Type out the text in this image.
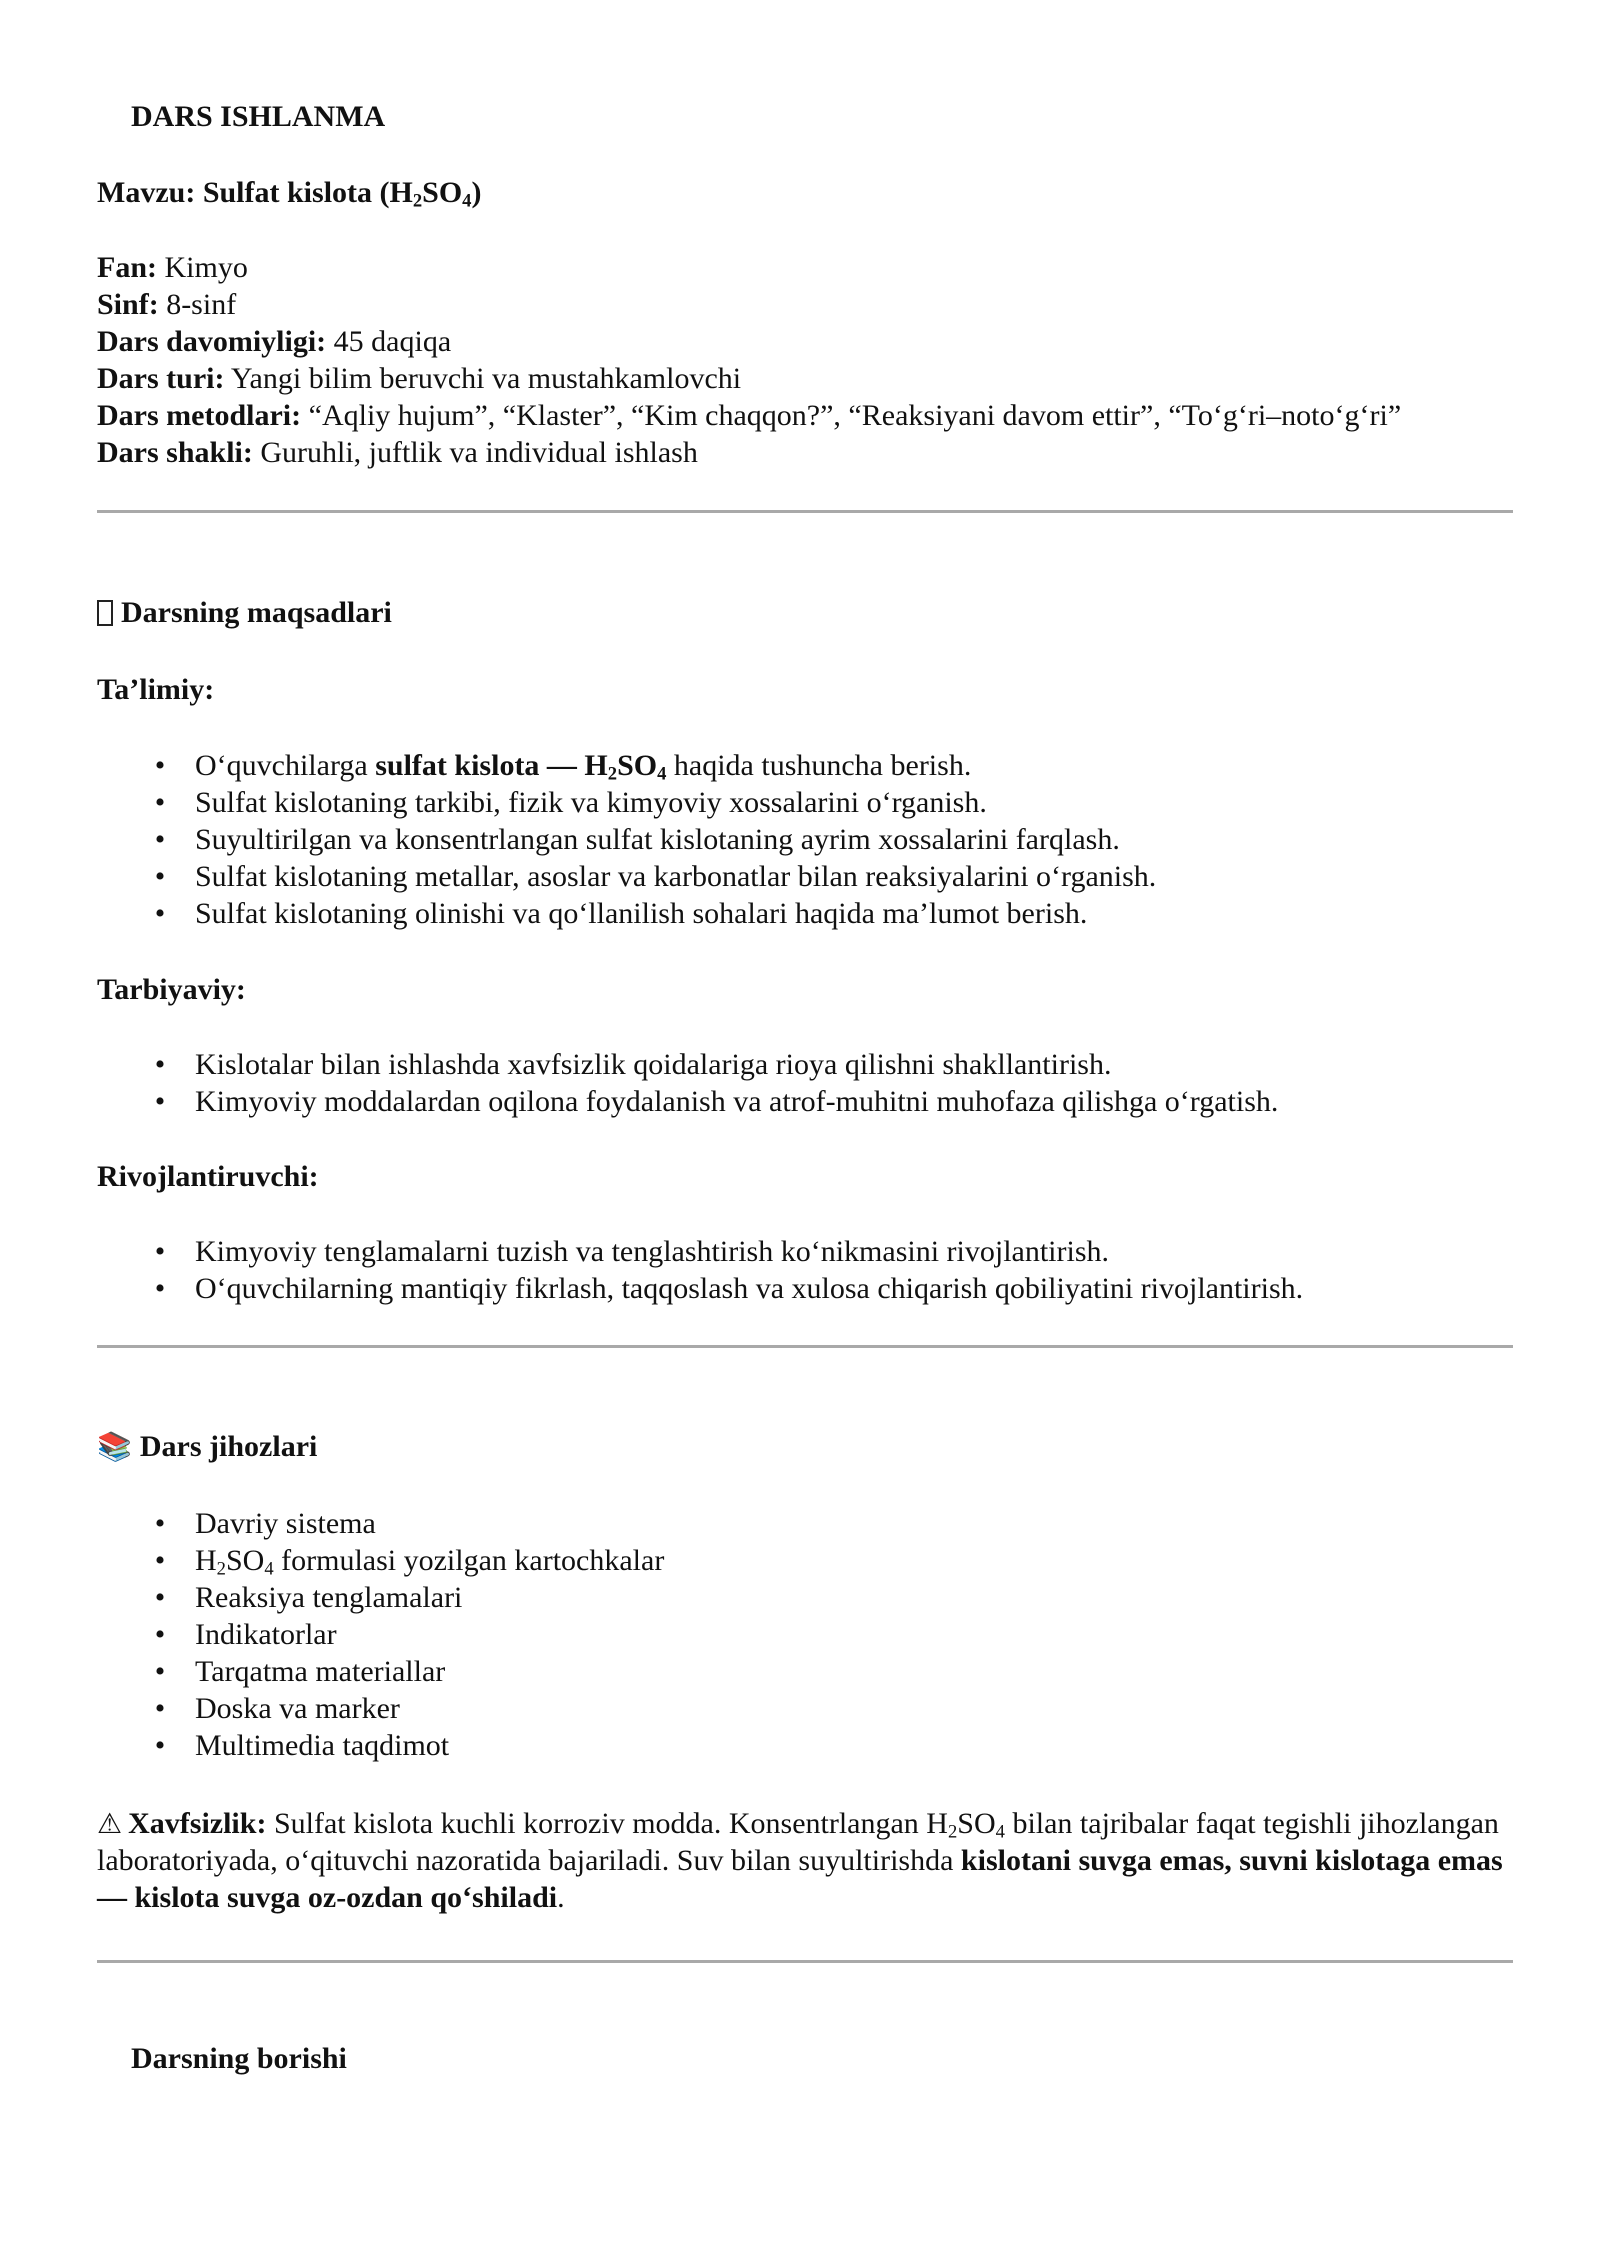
DARS ISHLANMA
Mavzu: Sulfat kislota $(H_2SO_4)$
Fan: Kimyo
Sinf: 8-sinf
Dars davomiyligi: 45 daqiqa
Dars turi: Yangi bilim beruvchi va mustahkamlovchi
Dars metodlari: “Aqliy hujum”, “Klaster”, “Kim chaqqon?”, “Reaksiyani davom ettir”, “To‘g‘ri–noto‘g‘ri”
Dars shakli: Guruhli, juftlik va individual ishlash
Darsning maqsadlari
Ta’limiy:
• O‘quvchilarga sulfat kislota — $H_2SO_4$ haqida tushuncha berish.
• Sulfat kislotaning tarkibi, fizik va kimyoviy xossalarini o‘rganish.
• Suyultirilgan va konsentrlangan sulfat kislotaning ayrim xossalarini farqlash.
• Sulfat kislotaning metallar, asoslar va karbonatlar bilan reaksiyalarini o‘rganish.
• Sulfat kislotaning olinishi va qo‘llanilish sohalari haqida ma’lumot berish.
Tarbiyaviy:
• Kislotalar bilan ishlashda xavfsizlik qoidalariga rioya qilishni shakllantirish.
• Kimyoviy moddalardan oqilona foydalanish va atrof-muhitni muhofaza qilishga o‘rgatish.
Rivojlantiruvchi:
• Kimyoviy tenglamalarni tuzish va tenglashtirish ko‘nikmasini rivojlantirish.
• O‘quvchilarning mantiqiy fikrlash, taqqoslash va xulosa chiqarish qobiliyatini rivojlantirish.
📚 Dars jihozlari
• Davriy sistema
• $H_2SO_4$ formulasi yozilgan kartochkalar
• Reaksiya tenglamalari
• Indikatorlar
• Tarqatma materiallar
• Doska va marker
• Multimedia taqdimot
⚠ Xavfsizlik: Sulfat kislota kuchli korroziv modda. Konsentrlangan $H_2SO_4$ bilan tajribalar faqat tegishli jihozlangan laboratoriyada, o‘qituvchi nazoratida bajariladi. Suv bilan suyultirishda kislotani suvga emas, suvni kislotaga emas — kislota suvga oz-ozdan qo‘shiladi.
Darsning borishi
